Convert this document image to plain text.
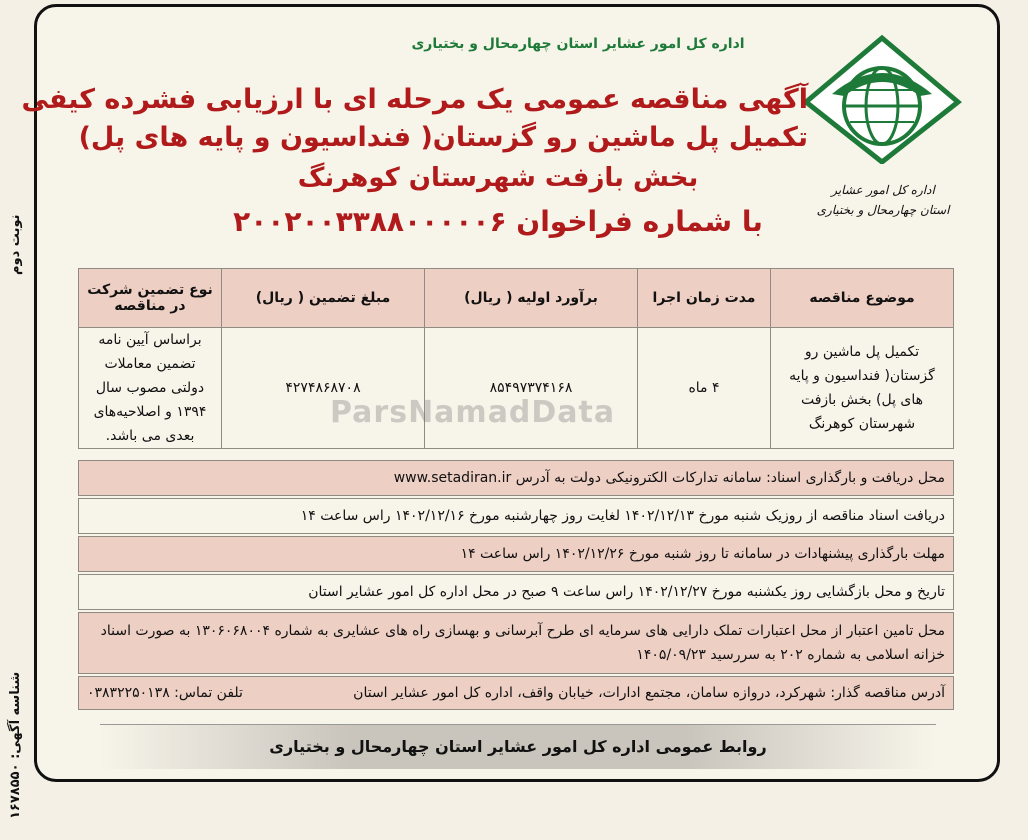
نوبت دوم
شناسه آگهی: ۱۶۷۸۵۵۰
اداره کل امور عشایر استان چهارمحال و بختیاری
اداره کل امور عشایر
استان چهارمحال و بختیاری
آگهی مناقصه عمومی یک مرحله ای با ارزیابی فشرده کیفی
تکمیل پل ماشین رو گزستان( فنداسیون و پایه های پل)
بخش بازفت شهرستان کوهرنگ
با شماره فراخوان ۲۰۰۲۰۰۳۳۸۸۰۰۰۰۰۶
موضوع مناقصه	مدت زمان اجرا	برآورد اولیه ( ریال)	مبلغ تضمین ( ریال)	نوع تضمین شرکت در مناقصه
تکمیل پل ماشین رو گزستان( فنداسیون و پایه های پل) بخش بازفت شهرستان کوهرنگ	۴ ماه	۸۵۴۹۷۳۷۴۱۶۸	۴۲۷۴۸۶۸۷۰۸	براساس آیین نامه تضمین معاملات دولتی مصوب سال ۱۳۹۴ و اصلاحیه‌های بعدی می باشد.
ParsNamadData
محل دریافت و بارگذاری اسناد: سامانه تدارکات الکترونیکی دولت به آدرس

www.setadiran.ir
دریافت اسناد مناقصه از روزیک شنبه مورخ ۱۴۰۲/۱۲/۱۳ لغایت روز چهارشنبه مورخ ۱۴۰۲/۱۲/۱۶ راس ساعت ۱۴
مهلت بارگذاری پیشنهادات در سامانه تا روز شنبه مورخ ۱۴۰۲/۱۲/۲۶ راس ساعت ۱۴
تاریخ و محل بازگشایی روز یکشنبه مورخ ۱۴۰۲/۱۲/۲۷ راس ساعت ۹ صبح در محل اداره کل امور عشایر استان
محل تامین اعتبار از محل اعتبارات تملک دارایی های سرمایه ای طرح آبرسانی و بهسازی راه های عشایری به شماره ۱۳۰۶۰۶۸۰۰۴ به صورت اسناد خزانه اسلامی به شماره ۲۰۲ به سررسید ۱۴۰۵/۰۹/۲۳
آدرس مناقصه گذار: شهرکرد، دروازه سامان، مجتمع ادارات، خیابان واقف، اداره کل امور عشایر استان
تلفن تماس: ۰۳۸۳۲۲۵۰۱۳۸
روابط عمومی اداره کل امور عشایر استان چهارمحال و بختیاری
